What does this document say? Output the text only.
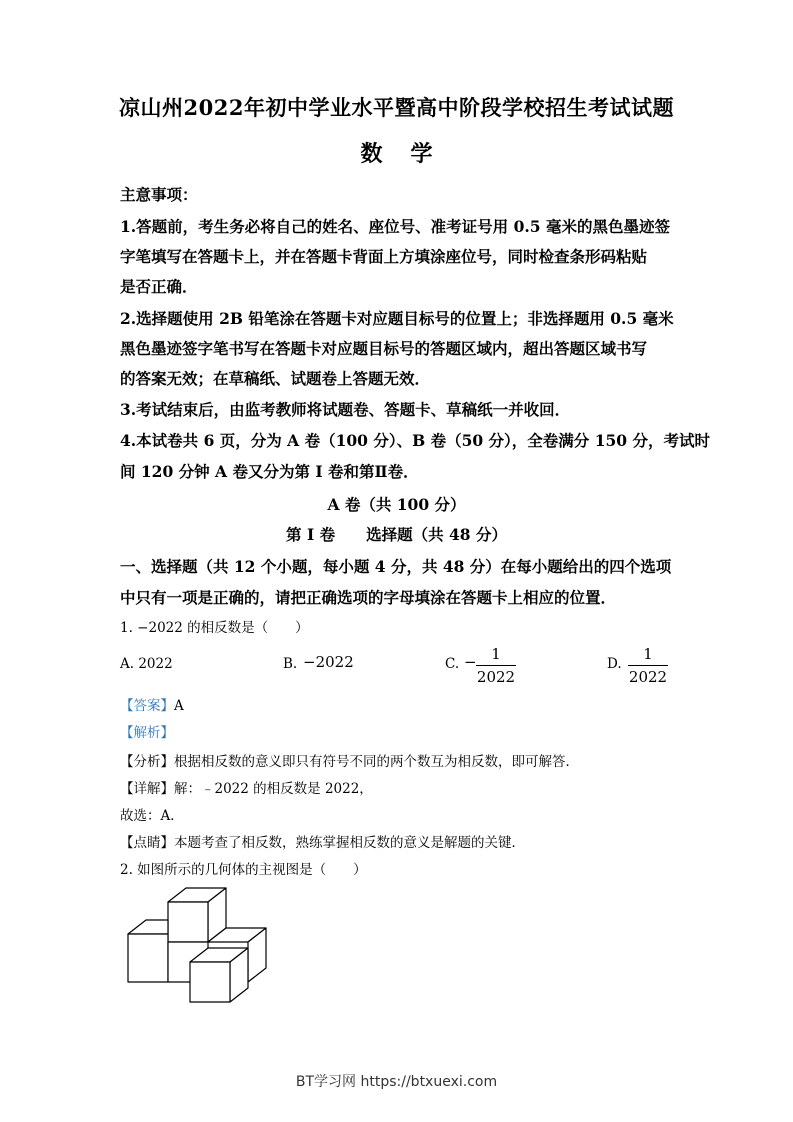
凉山州2022年初中学业水平暨高中阶段学校招生考试试题
数学
主意事项：
1.答题前，考生务必将自己的姓名、座位号、准考证号用 0.5 毫米的黑色墨迹签
字笔填写在答题卡上，并在答题卡背面上方填涂座位号，同时检查条形码粘贴
是否正确．
2.选择题使用 2B 铅笔涂在答题卡对应题目标号的位置上；非选择题用 0.5 毫米
黑色墨迹签字笔书写在答题卡对应题目标号的答题区域内，超出答题区域书写
的答案无效；在草稿纸、试题卷上答题无效．
3.考试结束后，由监考教师将试题卷、答题卡、草稿纸一并收回．
4.本试卷共 6 页，分为 A 卷（100 分）、B 卷（50 分），全卷满分 150 分，考试时
间 120 分钟 A 卷又分为第 I 卷和第Ⅱ卷．
A 卷（共 100 分）
第 I 卷　　选择题（共 48 分）
一、选择题（共 12 个小题，每小题 4 分，共 48 分）在每小题给出的四个选项
中只有一项是正确的，请把正确选项的字母填涂在答题卡上相应的位置．
1. −2022 的相反数是（　　）
A. 2022	B. −2022	C. − 1
2022
D.
1
2022
【答案】A
【解析】
【分析】根据相反数的意义即只有符号不同的两个数互为相反数，即可解答．
【详解】解：﹣2022 的相反数是 2022，
故选：A．
【点睛】本题考查了相反数，熟练掌握相反数的意义是解题的关键．
2. 如图所示的几何体的主视图是（　　）
BT学习网 https://btxuexi.com
